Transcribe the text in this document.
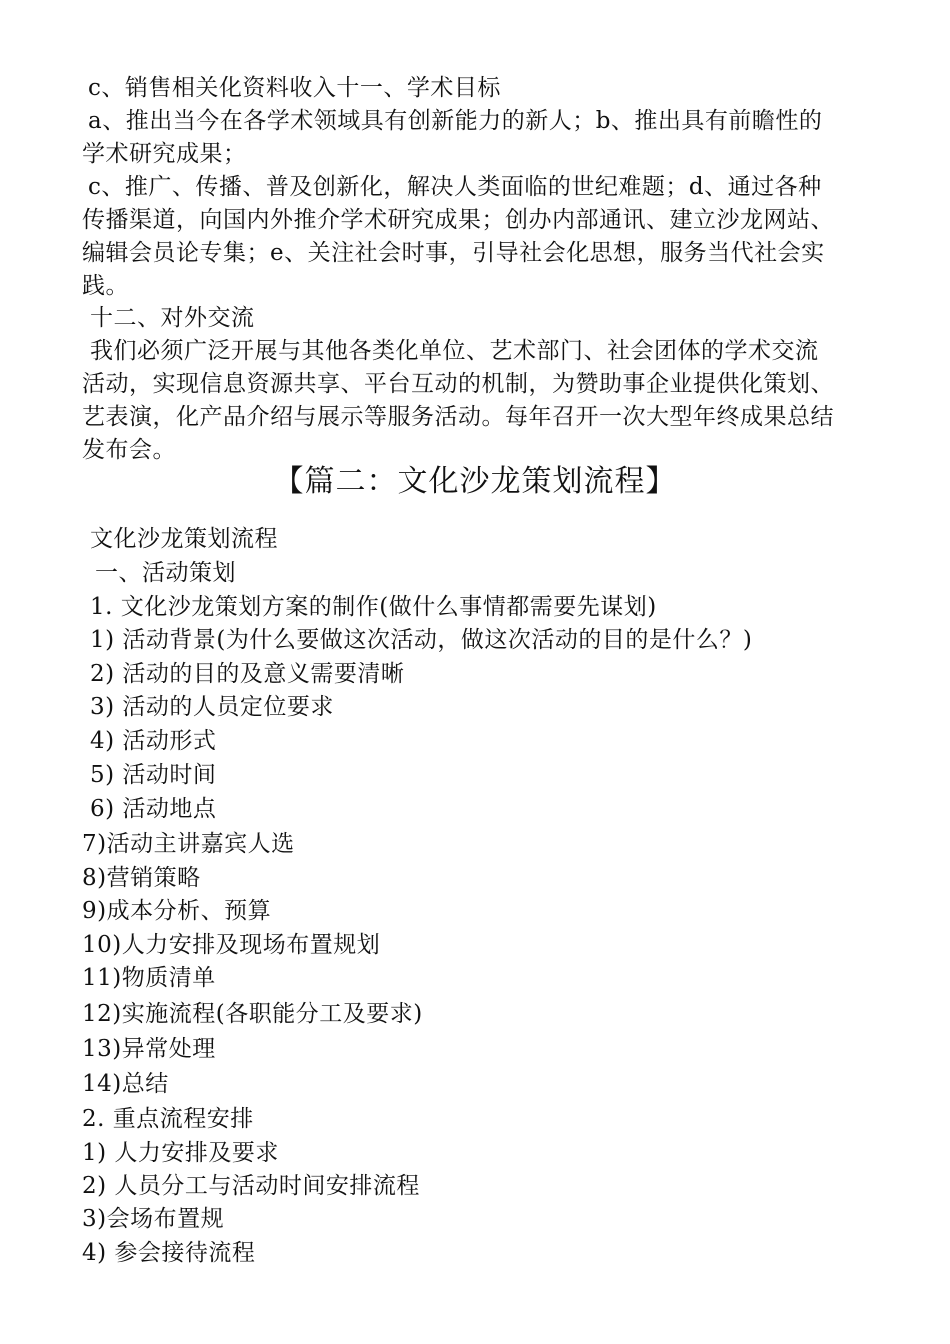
c、销售相关化资料收入十一、学术目标
a、推出当今在各学术领域具有创新能力的新人；b、推出具有前瞻性的
学术研究成果；
c、推广、传播、普及创新化，解决人类面临的世纪难题；d、通过各种
传播渠道，向国内外推介学术研究成果；创办内部通讯、建立沙龙网站、
编辑会员论专集；e、关注社会时事，引导社会化思想，服务当代社会实
践。
十二、对外交流
我们必须广泛开展与其他各类化单位、艺术部门、社会团体的学术交流
活动，实现信息资源共享、平台互动的机制，为赞助事企业提供化策划、
艺表演，化产品介绍与展示等服务活动。每年召开一次大型年终成果总结
发布会。
【篇二：文化沙龙策划流程】
文化沙龙策划流程
一、活动策划
1. 文化沙龙策划方案的制作(做什么事情都需要先谋划)
1) 活动背景(为什么要做这次活动，做这次活动的目的是什么？)
2) 活动的目的及意义需要清晰
3) 活动的人员定位要求
4) 活动形式
5) 活动时间
6) 活动地点
7)活动主讲嘉宾人选
8)营销策略
9)成本分析、预算
10)人力安排及现场布置规划
11)物质清单
12)实施流程(各职能分工及要求)
13)异常处理
14)总结
2. 重点流程安排
1) 人力安排及要求
2) 人员分工与活动时间安排流程
3)会场布置规
4) 参会接待流程
